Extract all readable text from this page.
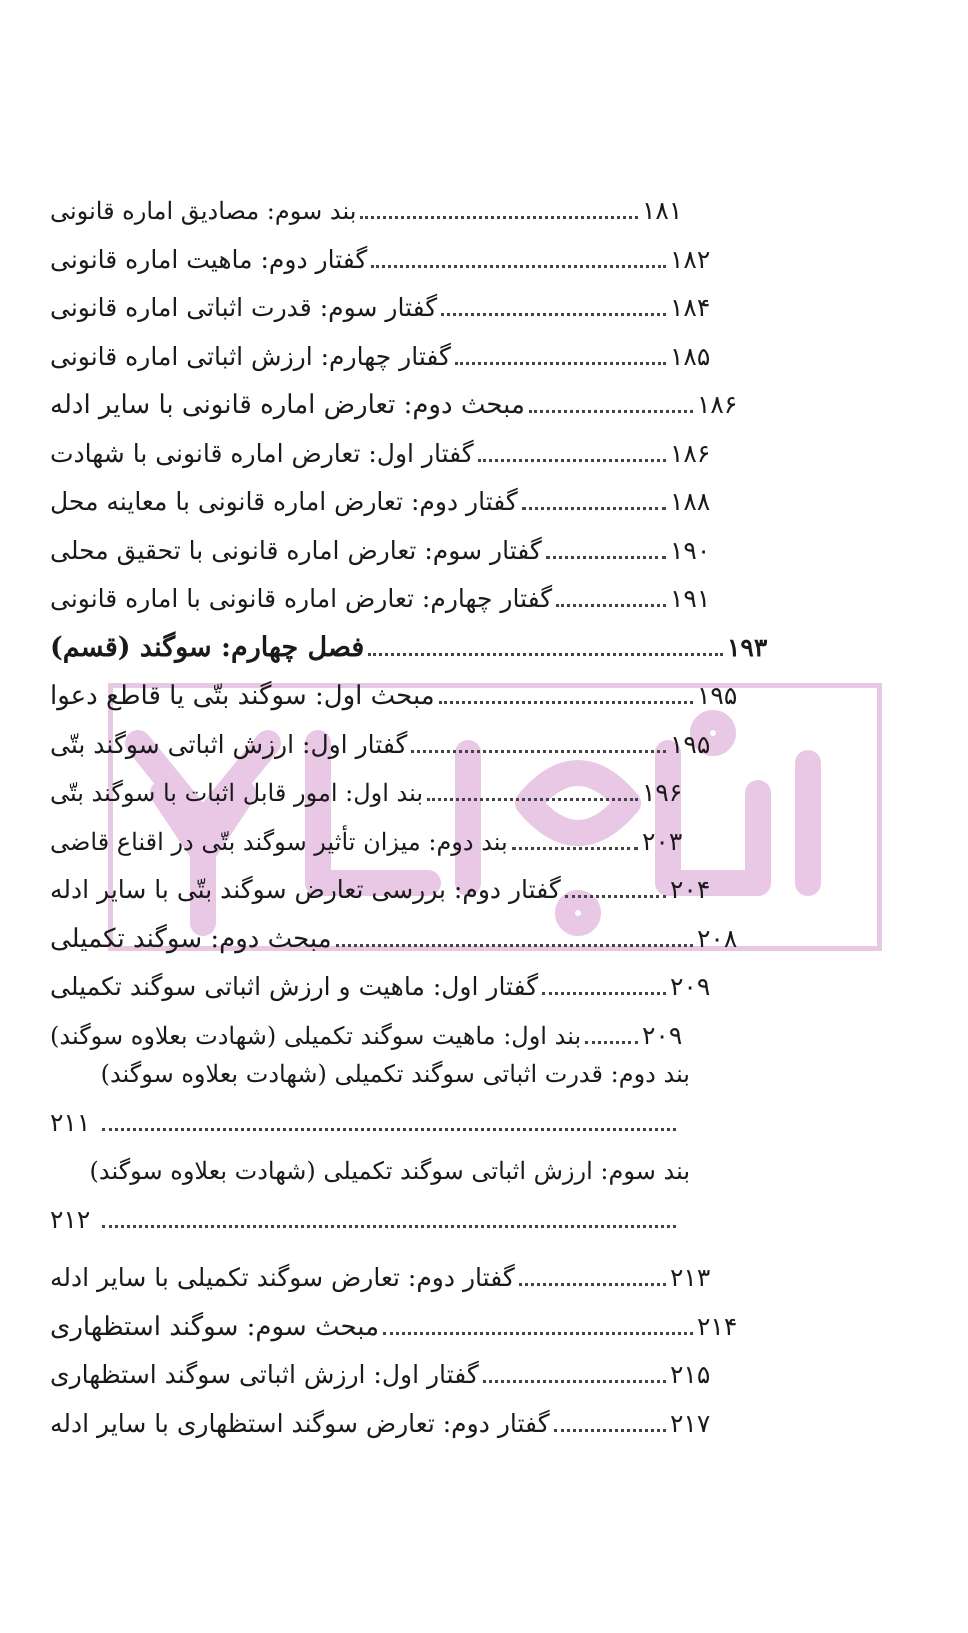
بند سوم: مصادیق اماره قانونی	۱۸۱
گفتار دوم: ماهیت اماره قانونی	۱۸۲
گفتار سوم: قدرت اثباتی اماره قانونی	۱۸۴
گفتار چهارم: ارزش اثباتی اماره قانونی	۱۸۵
مبحث دوم: تعارض اماره قانونی با سایر ادله	۱۸۶
گفتار اول: تعارض اماره قانونی با شهادت	۱۸۶
گفتار دوم: تعارض اماره قانونی با معاینه محل	۱۸۸
گفتار سوم: تعارض اماره قانونی با تحقیق محلی	۱۹۰
گفتار چهارم: تعارض اماره قانونی با اماره قانونی	۱۹۱
فصل چهارم: سوگند (قسم)	۱۹۳
مبحث اول: سوگند بتّی یا قاطع دعوا	۱۹۵
گفتار اول: ارزش اثباتی سوگند بتّی	۱۹۵
بند اول: امور قابل اثبات با سوگند بتّی	۱۹۶
بند دوم: میزان تأثیر سوگند بتّی در اقناع قاضی	۲۰۳
گفتار دوم: بررسی تعارض سوگند بتّی با سایر ادله	۲۰۴
مبحث دوم: سوگند تکمیلی	۲۰۸
گفتار اول: ماهیت و ارزش اثباتی سوگند تکمیلی	۲۰۹
بند اول: ماهیت سوگند تکمیلی (شهادت بعلاوه سوگند) ۲۰۹
بند دوم: قدرت اثباتی سوگند تکمیلی (شهادت بعلاوه سوگند)
۲۱۱
بند سوم: ارزش اثباتی سوگند تکمیلی (شهادت بعلاوه سوگند)
۲۱۲
گفتار دوم: تعارض سوگند تکمیلی با سایر ادله	۲۱۳
مبحث سوم: سوگند استظهاری	۲۱۴
گفتار اول: ارزش اثباتی سوگند استظهاری	۲۱۵
گفتار دوم: تعارض سوگند استظهاری با سایر ادله	۲۱۷
